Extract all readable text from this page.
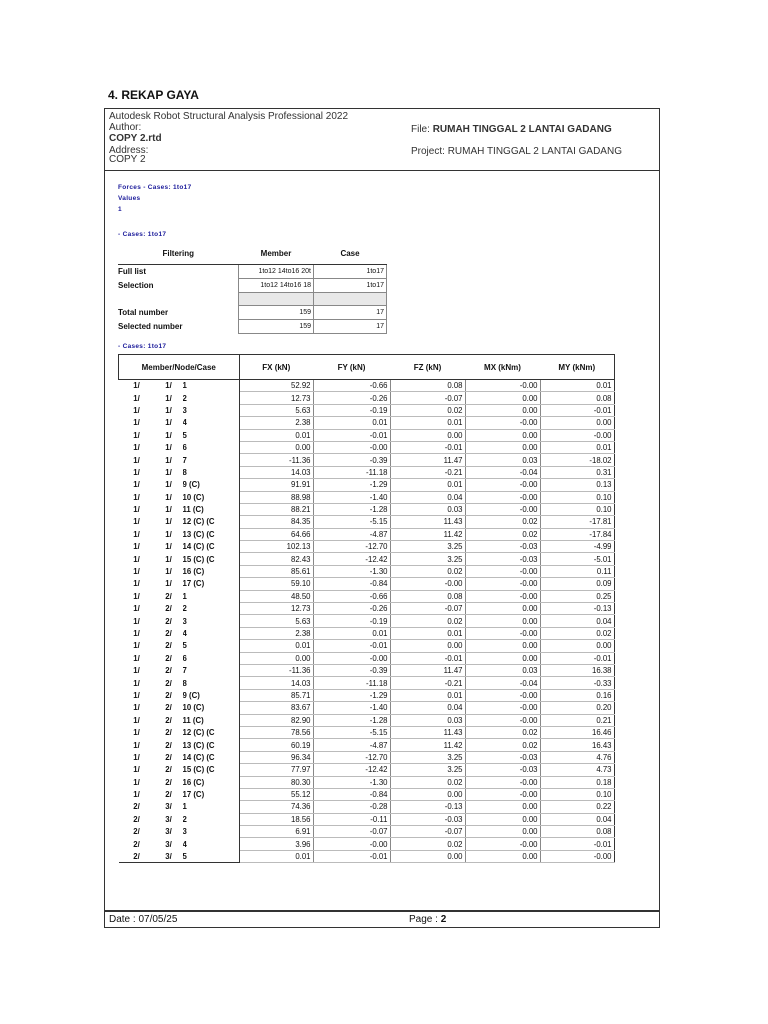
4. REKAP GAYA
Autodesk Robot Structural Analysis Professional 2022
Author:
COPY 2.rtd
Address:
COPY 2
File: RUMAH TINGGAL 2 LANTAI GADANG
Project: RUMAH TINGGAL 2 LANTAI GADANG
Forces - Cases: 1to17
Values
1
- Cases: 1to17
Filtering	Member	Case
Full list	1to12 14to16 20t	1to17
Selection	1to12 14to16 18	1to17

Total number	159	17
Selected number	159	17
- Cases: 1to17
Member/Node/Case			FX (kN)	FY (kN)	FZ (kN)	MX (kNm)	MY (kNm)
1/	1/	1	52.92	-0.66	0.08	-0.00	0.01
1/	1/	2	12.73	-0.26	-0.07	0.00	0.08
1/	1/	3	5.63	-0.19	0.02	0.00	-0.01
1/	1/	4	2.38	0.01	0.01	-0.00	0.00
1/	1/	5	0.01	-0.01	0.00	0.00	-0.00
1/	1/	6	0.00	-0.00	-0.01	0.00	0.01
1/	1/	7	-11.36	-0.39	11.47	0.03	-18.02
1/	1/	8	14.03	-11.18	-0.21	-0.04	0.31
1/	1/	9 (C)	91.91	-1.29	0.01	-0.00	0.13
1/	1/	10 (C)	88.98	-1.40	0.04	-0.00	0.10
1/	1/	11 (C)	88.21	-1.28	0.03	-0.00	0.10
1/	1/	12 (C) (C	84.35	-5.15	11.43	0.02	-17.81
1/	1/	13 (C) (C	64.66	-4.87	11.42	0.02	-17.84
1/	1/	14 (C) (C	102.13	-12.70	3.25	-0.03	-4.99
1/	1/	15 (C) (C	82.43	-12.42	3.25	-0.03	-5.01
1/	1/	16 (C)	85.61	-1.30	0.02	-0.00	0.11
1/	1/	17 (C)	59.10	-0.84	-0.00	-0.00	0.09
1/	2/	1	48.50	-0.66	0.08	-0.00	0.25
1/	2/	2	12.73	-0.26	-0.07	0.00	-0.13
1/	2/	3	5.63	-0.19	0.02	0.00	0.04
1/	2/	4	2.38	0.01	0.01	-0.00	0.02
1/	2/	5	0.01	-0.01	0.00	0.00	0.00
1/	2/	6	0.00	-0.00	-0.01	0.00	-0.01
1/	2/	7	-11.36	-0.39	11.47	0.03	16.38
1/	2/	8	14.03	-11.18	-0.21	-0.04	-0.33
1/	2/	9 (C)	85.71	-1.29	0.01	-0.00	0.16
1/	2/	10 (C)	83.67	-1.40	0.04	-0.00	0.20
1/	2/	11 (C)	82.90	-1.28	0.03	-0.00	0.21
1/	2/	12 (C) (C	78.56	-5.15	11.43	0.02	16.46
1/	2/	13 (C) (C	60.19	-4.87	11.42	0.02	16.43
1/	2/	14 (C) (C	96.34	-12.70	3.25	-0.03	4.76
1/	2/	15 (C) (C	77.97	-12.42	3.25	-0.03	4.73
1/	2/	16 (C)	80.30	-1.30	0.02	-0.00	0.18
1/	2/	17 (C)	55.12	-0.84	0.00	-0.00	0.10
2/	3/	1	74.36	-0.28	-0.13	0.00	0.22
2/	3/	2	18.56	-0.11	-0.03	0.00	0.04
2/	3/	3	6.91	-0.07	-0.07	0.00	0.08
2/	3/	4	3.96	-0.00	0.02	-0.00	-0.01
2/	3/	5	0.01	-0.01	0.00	0.00	-0.00
Date : 07/05/25	Page : 2
